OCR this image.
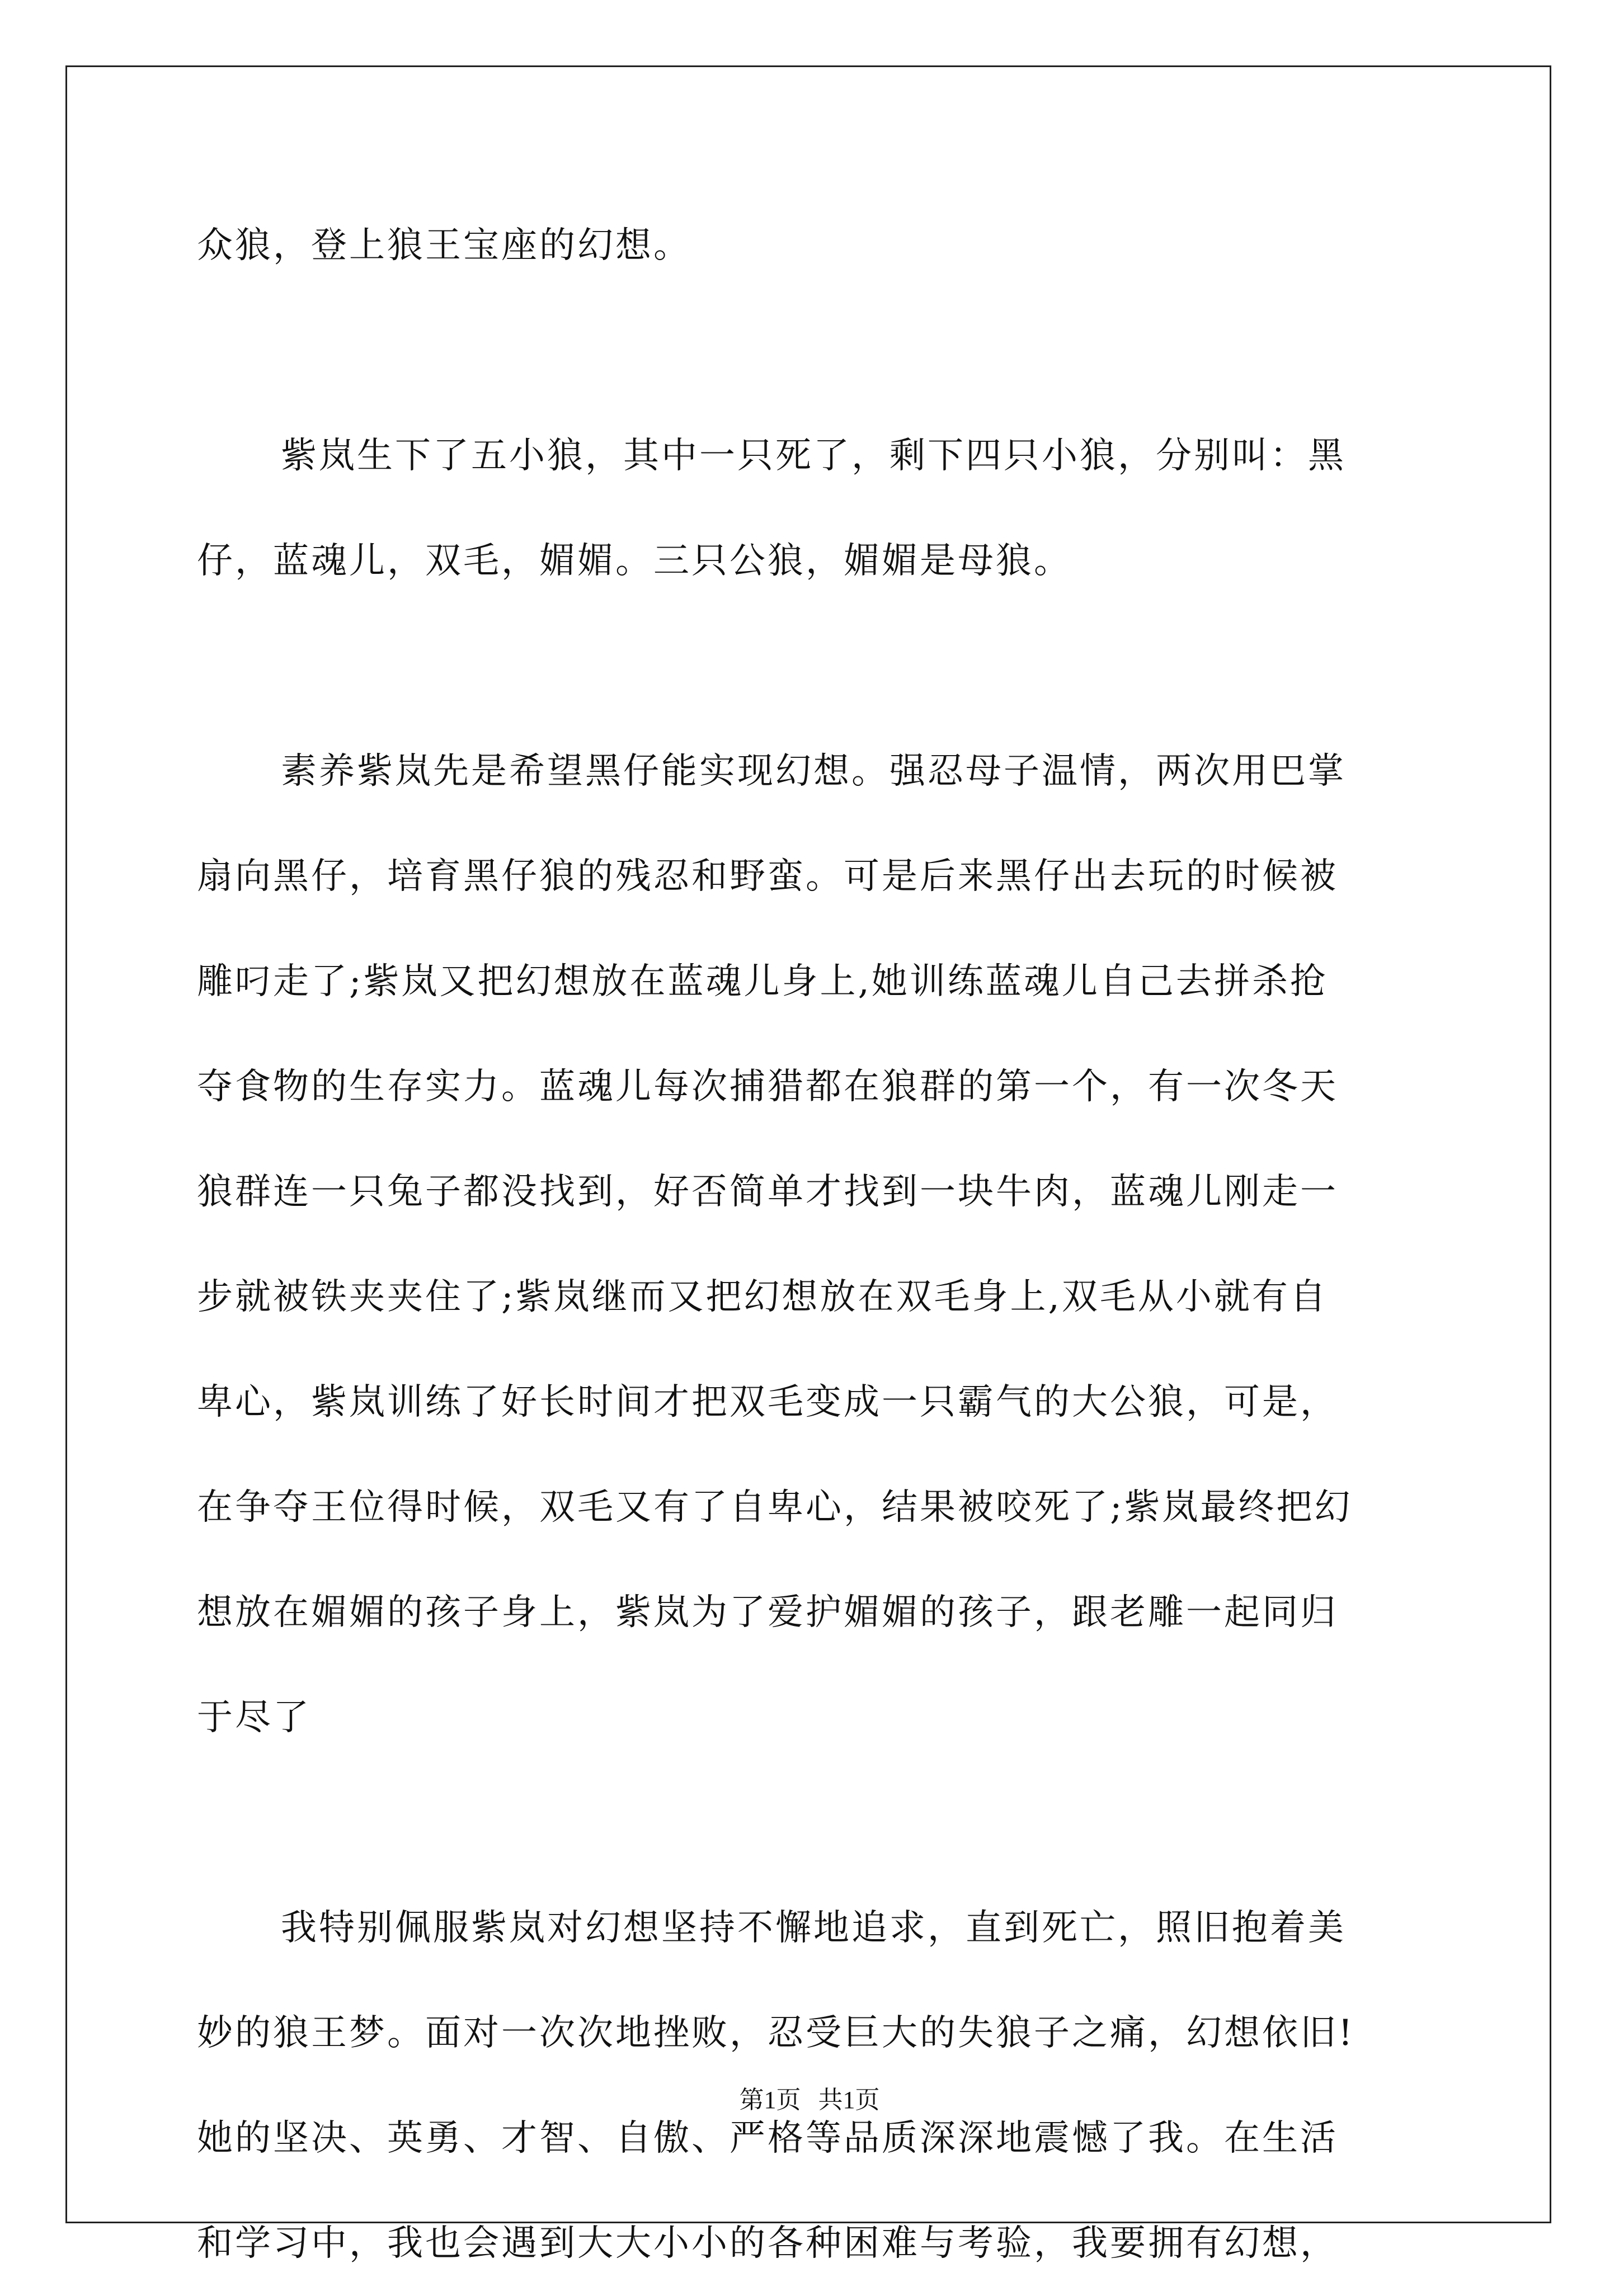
众狼，登上狼王宝座的幻想。
紫岚生下了五小狼，其中一只死了，剩下四只小狼，分别叫：黑
仔，蓝魂儿，双毛，媚媚。三只公狼，媚媚是母狼。
素养紫岚先是希望黑仔能实现幻想。强忍母子温情，两次用巴掌
扇向黑仔，培育黑仔狼的残忍和野蛮。可是后来黑仔出去玩的时候被
雕叼走了;紫岚又把幻想放在蓝魂儿身上,她训练蓝魂儿自己去拼杀抢
夺食物的生存实力。蓝魂儿每次捕猎都在狼群的第一个，有一次冬天
狼群连一只兔子都没找到，好否简单才找到一块牛肉，蓝魂儿刚走一
步就被铁夹夹住了;紫岚继而又把幻想放在双毛身上,双毛从小就有自
卑心，紫岚训练了好长时间才把双毛变成一只霸气的大公狼，可是，
在争夺王位得时候，双毛又有了自卑心，结果被咬死了;紫岚最终把幻
想放在媚媚的孩子身上，紫岚为了爱护媚媚的孩子，跟老雕一起同归
于尽了
我特别佩服紫岚对幻想坚持不懈地追求，直到死亡，照旧抱着美
妙的狼王梦。面对一次次地挫败，忍受巨大的失狼子之痛，幻想依旧!
她的坚决、英勇、才智、自傲、严格等品质深深地震憾了我。在生活
和学习中，我也会遇到大大小小的各种困难与考验，我要拥有幻想，
第1页 共1页
